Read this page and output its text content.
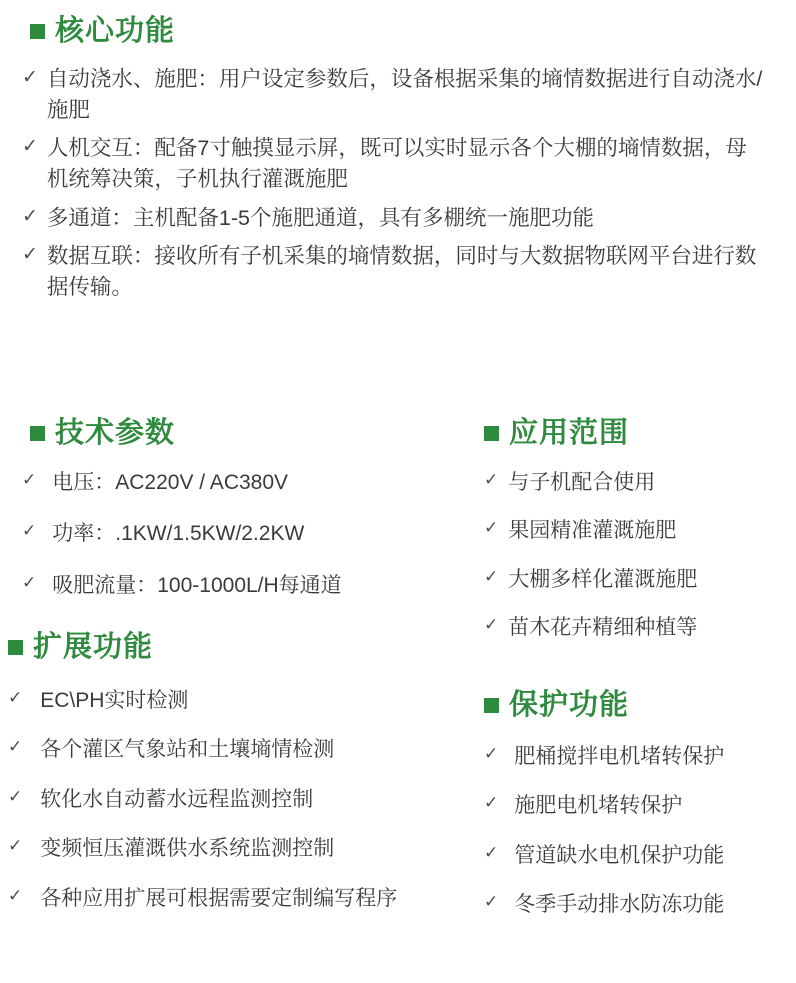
核心功能
✓ 自动浇水、施肥：用户设定参数后，设备根据采集的墒情数据进行自动浇水/施肥
✓ 人机交互：配备7寸触摸显示屏，既可以实时显示各个大棚的墒情数据，母机统筹决策，子机执行灌溉施肥
✓ 多通道：主机配备1-5个施肥通道，具有多棚统一施肥功能
✓ 数据互联：接收所有子机采集的墒情数据，同时与大数据物联网平台进行数据传输。
技术参数
✓ 电压：AC220V / AC380V
✓ 功率：.1KW/1.5KW/2.2KW
✓ 吸肥流量：100-1000L/H每通道
应用范围
✓ 与子机配合使用
✓ 果园精准灌溉施肥
✓ 大棚多样化灌溉施肥
✓ 苗木花卉精细种植等
扩展功能
✓ EC\PH实时检测
✓ 各个灌区气象站和土壤墒情检测
✓ 软化水自动蓄水远程监测控制
✓ 变频恒压灌溉供水系统监测控制
✓ 各种应用扩展可根据需要定制编写程序
保护功能
✓ 肥桶搅拌电机堵转保护
✓ 施肥电机堵转保护
✓ 管道缺水电机保护功能
✓ 冬季手动排水防冻功能
